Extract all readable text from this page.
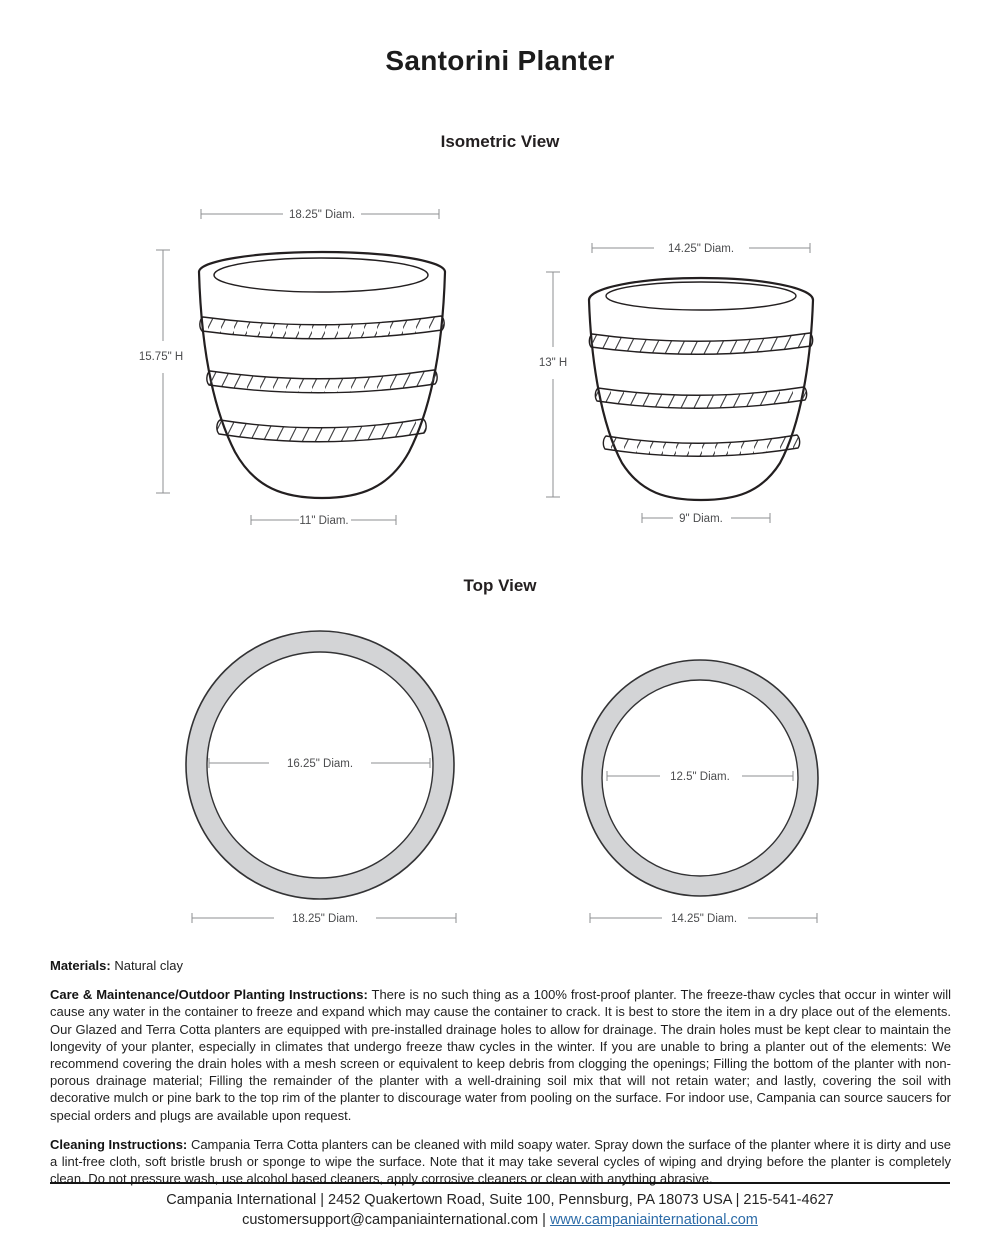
Santorini Planter
Isometric View
Top View
18.25" Diam.
15.75" H
11" Diam.
14.25" Diam.
13" H
9" Diam.
16.25" Diam.
18.25" Diam.
12.5" Diam.
14.25" Diam.

Materials: Natural clay

Care & Maintenance/Outdoor Planting Instructions: There is no such thing as a 100% frost-proof planter. The freeze-thaw cycles that occur in winter will cause any water in the container to freeze and expand which may cause the container to crack. It is best to store the item in a dry place out of the elements. Our Glazed and Terra Cotta planters are equipped with pre-installed drainage holes to allow for drainage. The drain holes must be kept clear to maintain the longevity of your planter, especially in climates that undergo freeze thaw cycles in the winter. If you are unable to bring a planter out of the elements: We recommend covering the drain holes with a mesh screen or equivalent to keep debris from clogging the openings; Filling the bottom of the planter with non-porous drainage material; Filling the remainder of the planter with a well-draining soil mix that will not retain water; and lastly, covering the soil with decorative mulch or pine bark to the top rim of the planter to discourage water from pooling on the surface. For indoor use, Campania can source saucers for special orders and plugs are available upon request.

Cleaning Instructions: Campania Terra Cotta planters can be cleaned with mild soapy water. Spray down the surface of the planter where it is dirty and use a lint-free cloth, soft bristle brush or sponge to wipe the surface. Note that it may take several cycles of wiping and drying before the planter is completely clean. Do not pressure wash, use alcohol based cleaners, apply corrosive cleaners or clean with anything abrasive.

Campania International | 2452 Quakertown Road, Suite 100, Pennsburg, PA 18073 USA | 215-541-4627
customersupport@campaniainternational.com | www.campaniainternational.com
